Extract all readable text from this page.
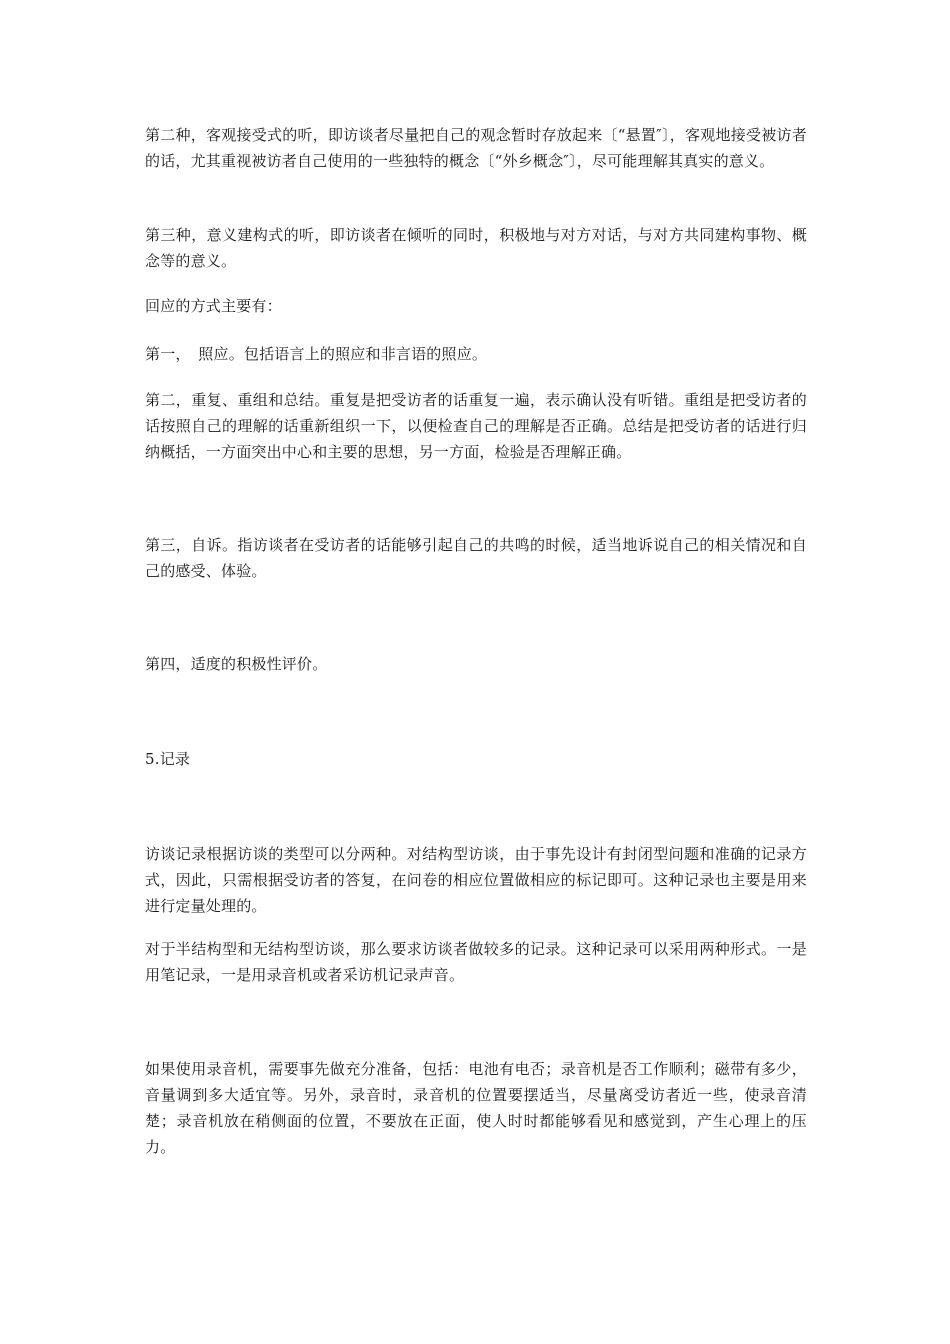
第二种，客观接受式的听，即访谈者尽量把自己的观念暂时存放起来〔“悬置″〕，客观地接受被访者的话，尤其重视被访者自己使用的一些独特的概念〔“外乡概念″〕，尽可能理解其真实的意义。

第三种，意义建构式的听，即访谈者在倾听的同时，积极地与对方对话，与对方共同建构事物、概念等的意义。

回应的方式主要有：

第一，　照应。包括语言上的照应和非言语的照应。

第二，重复、重组和总结。重复是把受访者的话重复一遍，表示确认没有听错。重组是把受访者的话按照自己的理解的话重新组织一下，以便检查自己的理解是否正确。总结是把受访者的话进行归纳概括，一方面突出中心和主要的思想，另一方面，检验是否理解正确。

第三，自诉。指访谈者在受访者的话能够引起自己的共鸣的时候，适当地诉说自己的相关情况和自己的感受、体验。

第四，适度的积极性评价。

5.记录

访谈记录根据访谈的类型可以分两种。对结构型访谈，由于事先设计有封闭型问题和准确的记录方式，因此，只需根据受访者的答复，在问卷的相应位置做相应的标记即可。这种记录也主要是用来进行定量处理的。

对于半结构型和无结构型访谈，那么要求访谈者做较多的记录。这种记录可以采用两种形式。一是用笔记录，一是用录音机或者采访机记录声音。

如果使用录音机，需要事先做充分准备，包括：电池有电否；录音机是否工作顺利；磁带有多少，音量调到多大适宜等。另外，录音时，录音机的位置要摆适当，尽量离受访者近一些，使录音清楚；录音机放在稍侧面的位置，不要放在正面，使人时时都能够看见和感觉到，产生心理上的压力。
